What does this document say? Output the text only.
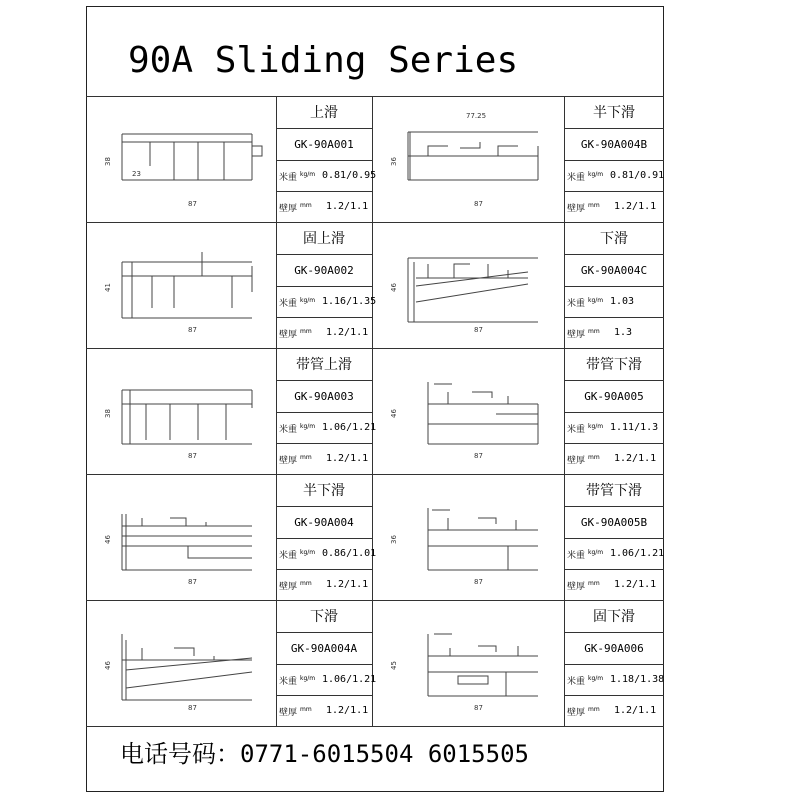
90A Sliding Series
上滑
GK-90A001
米重 kg/m 0.81/0.95
壁厚 mm 1.2/1.1
38
23
87
半下滑
GK-90A004B
米重 kg/m 0.81/0.91
壁厚 mm 1.2/1.1
77.25
36
87
固上滑
GK-90A002
米重 kg/m 1.16/1.35
壁厚 mm 1.2/1.1
41
87
下滑
GK-90A004C
米重 kg/m 1.03
壁厚 mm 1.3
46
87
带管上滑
GK-90A003
米重 kg/m 1.06/1.21
壁厚 mm 1.2/1.1
38
87
带管下滑
GK-90A005
米重 kg/m 1.11/1.3
壁厚 mm 1.2/1.1
46
87
半下滑
GK-90A004
米重 kg/m 0.86/1.01
壁厚 mm 1.2/1.1
46
87
带管下滑
GK-90A005B
米重 kg/m 1.06/1.21
壁厚 mm 1.2/1.1
36
87
下滑
GK-90A004A
米重 kg/m 1.06/1.21
壁厚 mm 1.2/1.1
46
87
固下滑
GK-90A006
米重 kg/m 1.18/1.38
壁厚 mm 1.2/1.1
45
87
电话号码：0771-6015504 6015505
